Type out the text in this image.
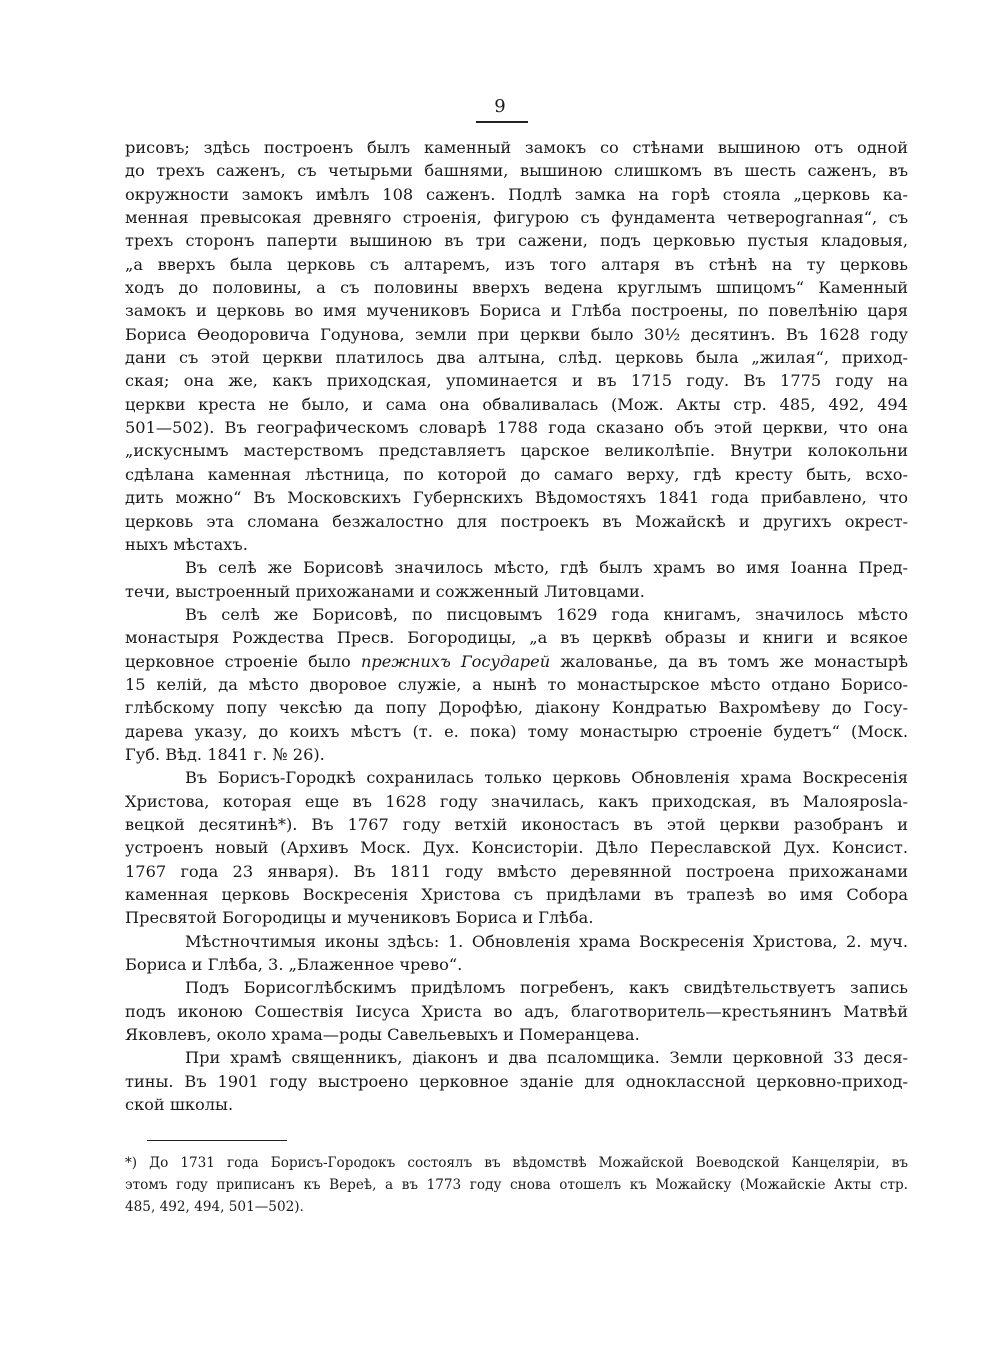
9
рисовъ; здѣсь построенъ былъ каменный замокъ со стѣнами вышиною отъ одной
до трехъ саженъ, съ четырьми башнями, вышиною слишкомъ въ шесть саженъ, въ
окружности замокъ имѣлъ 108 саженъ. Подлѣ замка на горѣ стояла „церковь ка-
менная превысокая древняго строенія, фигурою съ фундамента четвероgranная“, съ
трехъ сторонъ паперти вышиною въ три сажени, подъ церковью пустыя кладовыя,
„а вверхъ была церковь съ алтаремъ, изъ того алтаря въ стѣнѣ на ту церковь
ходъ до половины, а съ половины вверхъ ведена круглымъ шпицомъ“ Каменный
замокъ и церковь во имя мучениковъ Бориса и Глѣба построены, по повелѣнію царя
Бориса Ѳеодоровича Годунова, земли при церкви было 30½ десятинъ. Въ 1628 году
дани съ этой церкви платилось два алтына, слѣд. церковь была „жилая“, приход-
ская; она же, какъ приходская, упоминается и въ 1715 году. Въ 1775 году на
церкви креста не было, и сама она обваливалась (Мож. Акты стр. 485, 492, 494
501—502). Въ географическомъ словарѣ 1788 года сказано объ этой церкви, что она
„искуснымъ мастерствомъ представляетъ царское великолѣпіе. Внутри колокольни
сдѣлана каменная лѣстница, по которой до самаго верху, гдѣ кресту быть, всхо-
дить можно“ Въ Московскихъ Губернскихъ Вѣдомостяхъ 1841 года прибавлено, что
церковь эта сломана безжалостно для построекъ въ Можайскѣ и другихъ окрест-
ныхъ мѣстахъ.
Въ селѣ же Борисовѣ значилось мѣсто, гдѣ былъ храмъ во имя Іоанна Пред-
течи, выстроенный прихожанами и сожженный Литовцами.
Въ селѣ же Борисовѣ, по писцовымъ 1629 года книгамъ, значилось мѣсто
монастыря Рождества Пресв. Богородицы, „а въ церквѣ образы и книги и всякое
церковное строеніе было прежнихъ Государей жалованье, да въ томъ же монастырѣ
15 келій, да мѣсто дворовое служіе, а нынѣ то монастырское мѣсто отдано Борисо-
глѣбскому попу чексѣю да попу Дорофѣю, діакону Кондратью Вахромѣеву до Госу-
дарева указу, до коихъ мѣстъ (т. е. пока) тому монастырю строеніе будетъ“ (Моск.
Губ. Вѣд. 1841 г. № 26).
Въ Борисъ-Городкѣ сохранилась только церковь Обновленія храма Воскресенія
Христова, которая еще въ 1628 году значилась, какъ приходская, въ Малоярosla-
вецкой десятинѣ*). Въ 1767 году ветхій иконостасъ въ этой церкви разобранъ и
устроенъ новый (Архивъ Моск. Дух. Консисторіи. Дѣло Переславской Дух. Консист.
1767 года 23 января). Въ 1811 году вмѣсто деревянной построена прихожанами
каменная церковь Воскресенія Христова съ придѣлами въ трапезѣ во имя Собора
Пресвятой Богородицы и мучениковъ Бориса и Глѣба.
Мѣстночтимыя иконы здѣсь: 1. Обновленія храма Воскресенія Христова, 2. муч.
Бориса и Глѣба, 3. „Блаженное чрево“.
Подъ Борисоглѣбскимъ придѣломъ погребенъ, какъ свидѣтельствуетъ запись
подъ иконою Сошествія Іисуса Христа во адъ, благотворитель—крестьянинъ Матвѣй
Яковлевъ, около храма—роды Савельевыхъ и Померанцева.
При храмѣ священникъ, діаконъ и два псаломщика. Земли церковной 33 деся-
тины. Въ 1901 году выстроено церковное зданіе для одноклассной церковно-приход-
ской школы.
*) До 1731 года Борисъ-Городокъ состоялъ въ вѣдомствѣ Можайской Воеводской Канцеляріи, въ
этомъ году приписанъ къ Верeѣ, а въ 1773 году снова отошелъ къ Можайску (Можайскіе Акты стр.
485, 492, 494, 501—502).
